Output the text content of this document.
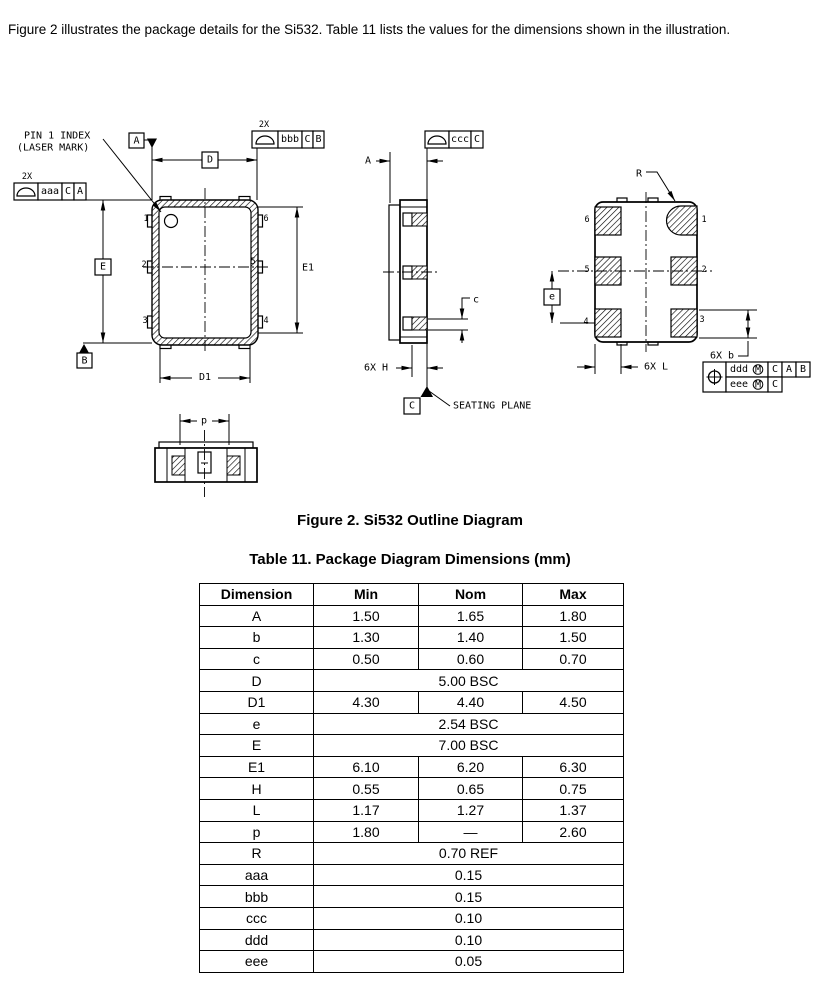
Figure 2 illustrates the package details for the Si532. Table 11 lists the values for the dimensions shown in the illustration.

PIN 1 INDEX
(LASER MARK)
A
D
2X
bbb C B
2X
aaa C A
E
B
E1
D1
1
2
3
6
5
4
ccc C
A
c
6X H
C	SEATING PLANE
e
R
6X L
6X b
6
5
4
1
2
3
ddd M C A B
eee M C
p
Figure 2. Si532 Outline Diagram
Table 11. Package Diagram Dimensions (mm)
Dimension	Min	Nom	Max
A	1.50	1.65	1.80
b	1.30	1.40	1.50
c	0.50	0.60	0.70
D	5.00 BSC		
D1	4.30	4.40	4.50
e	2.54 BSC		
E	7.00 BSC		
E1	6.10	6.20	6.30
H	0.55	0.65	0.75
L	1.17	1.27	1.37
p	1.80	—	2.60
R	0.70 REF		
aaa	0.15		
bbb	0.15		
ccc	0.10		
ddd	0.10		
eee	0.05		
